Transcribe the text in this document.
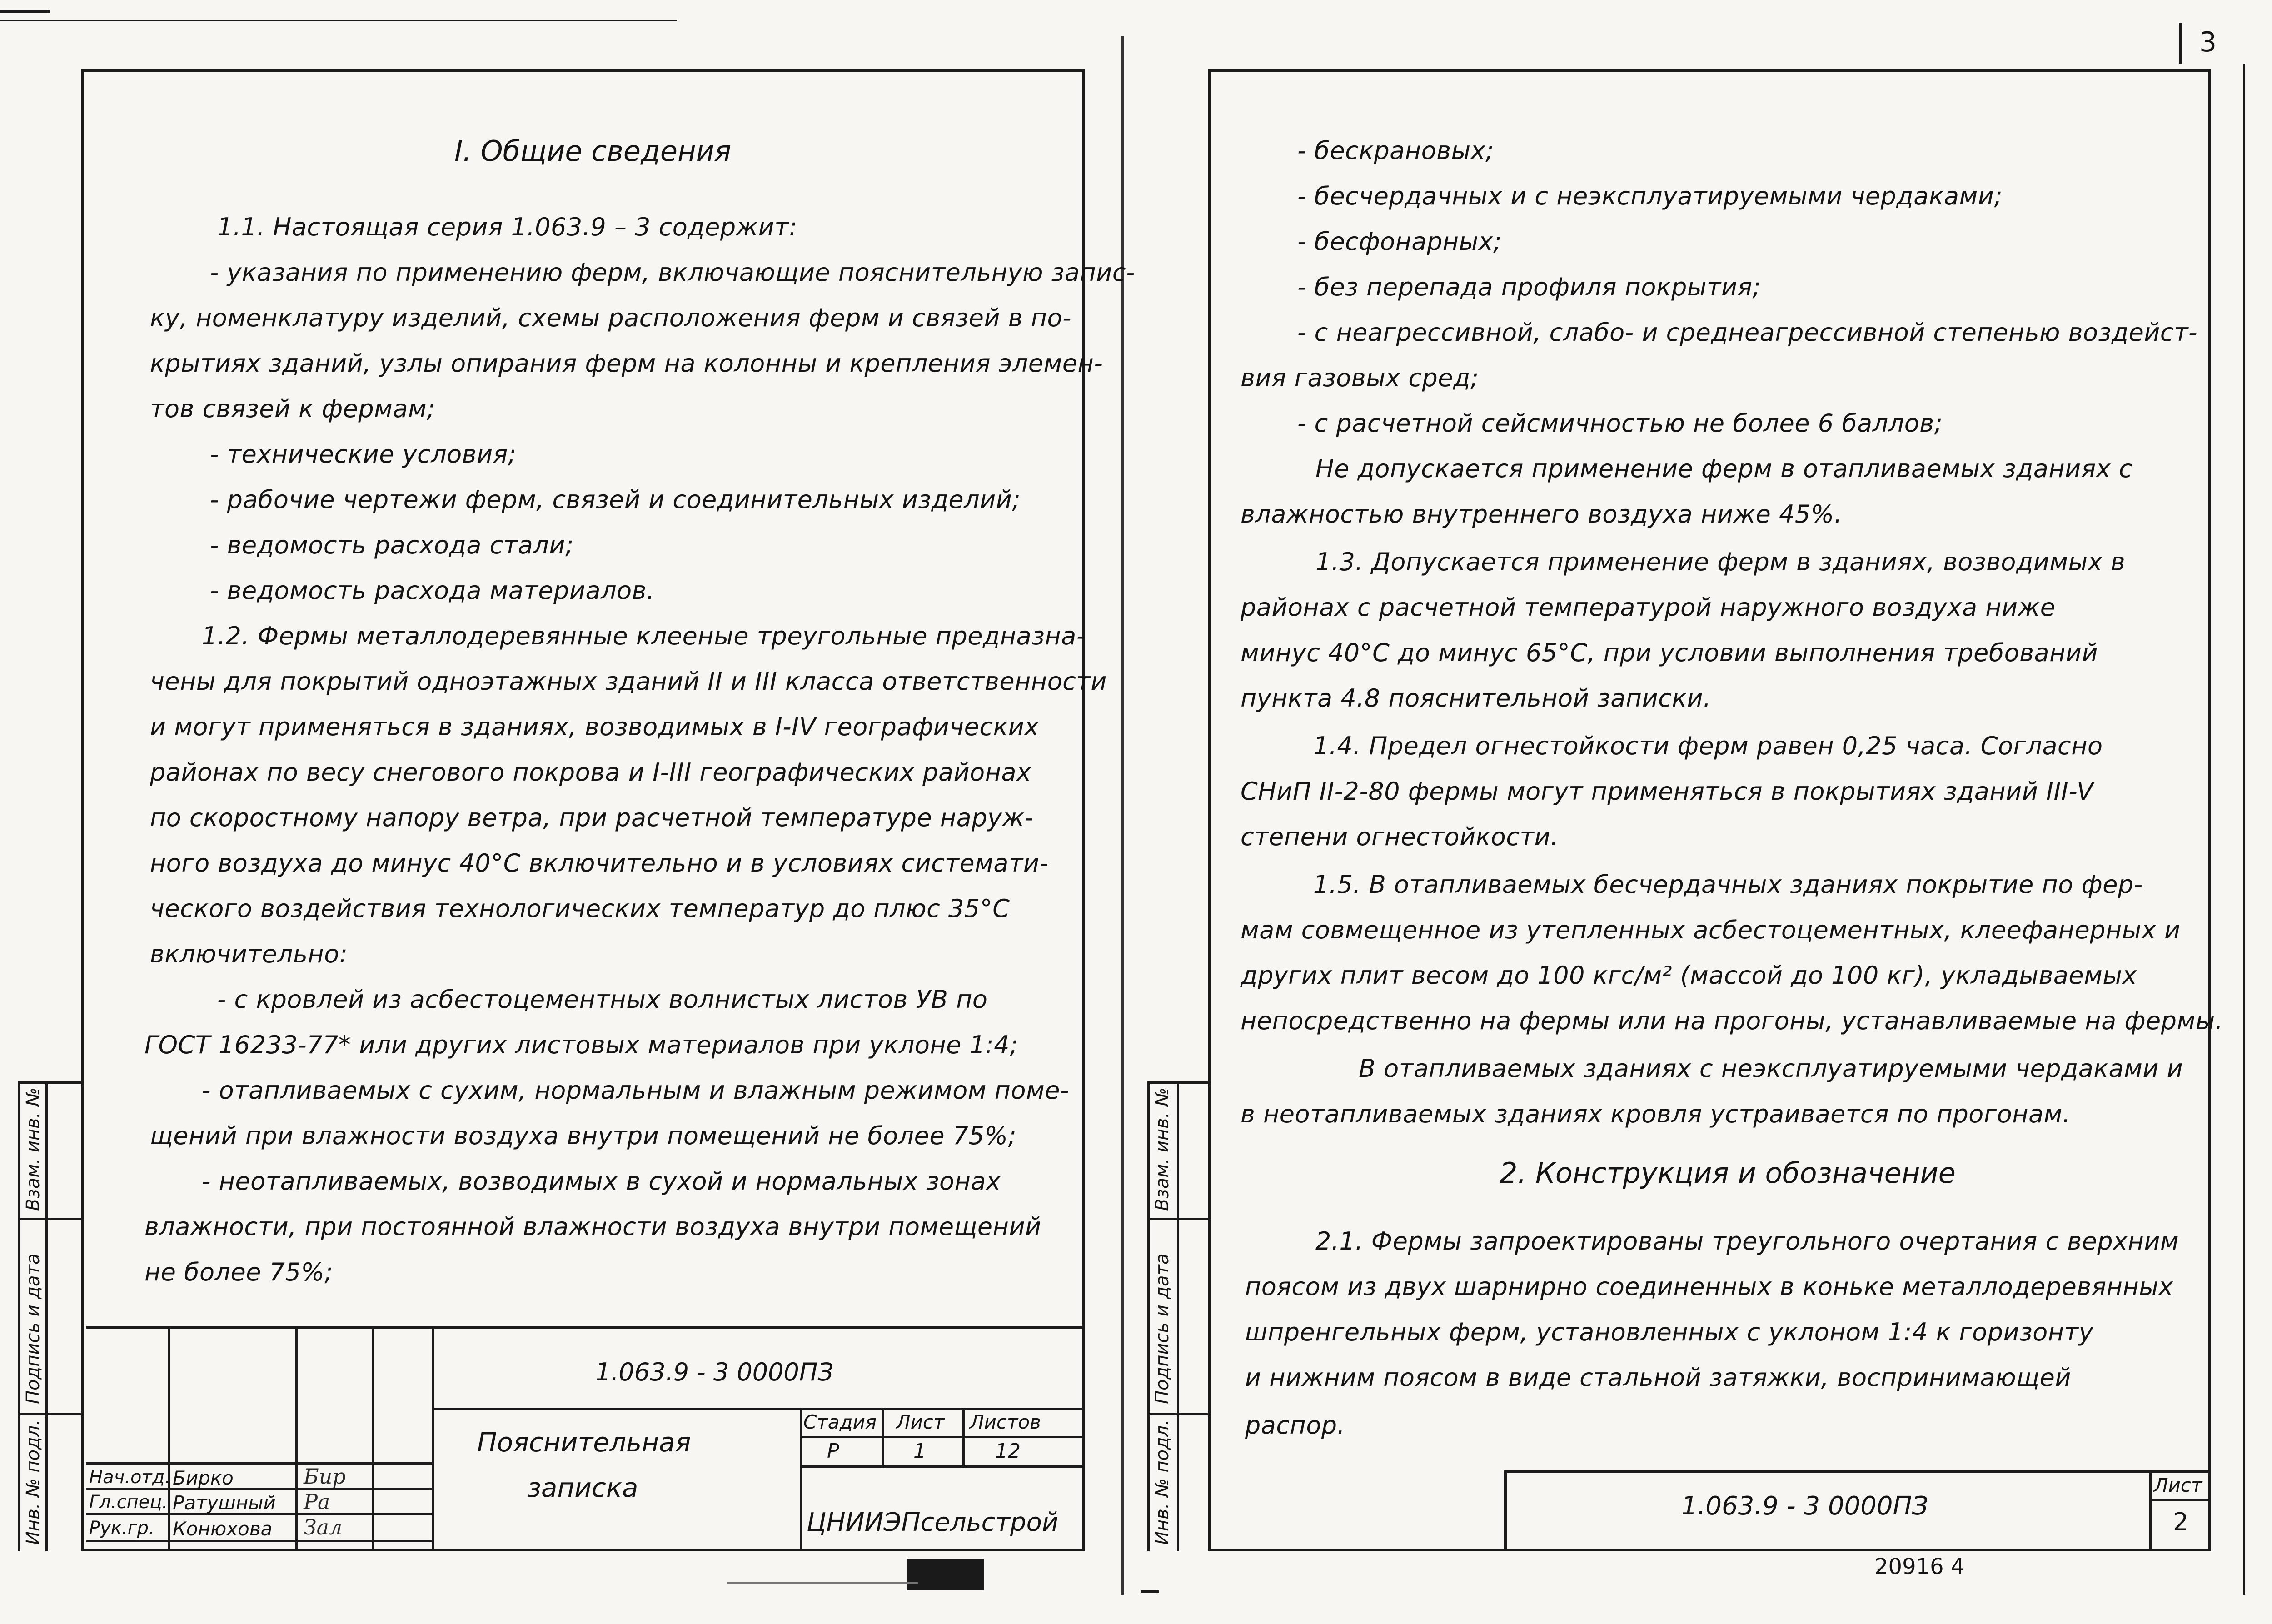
3
I. Общие сведения
1.1. Настоящая серия 1.063.9 – 3 содержит:
- указания по применению ферм, включающие пояснительную запис-
ку, номенклатуру изделий, схемы расположения ферм и связей в по-
крытиях зданий, узлы опирания ферм на колонны и крепления элемен-
тов связей к фермам;
- технические условия;
- рабочие чертежи ферм, связей и соединительных изделий;
- ведомость расхода стали;
- ведомость расхода материалов.
1.2. Фермы металлодеревянные клееные треугольные предназна-
чены для покрытий одноэтажных зданий II и III класса ответственности
и могут применяться в зданиях, возводимых в I-IV географических
районах по весу снегового покрова и I-III географических районах
по скоростному напору ветра, при расчетной температуре наруж-
ного воздуха до минус 40°С включительно и в условиях системати-
ческого воздействия технологических температур до плюс 35°С
включительно:
- с кровлей из асбестоцементных волнистых листов УВ по
ГОСТ 16233-77* или других листовых материалов при уклоне 1:4;
- отапливаемых с сухим, нормальным и влажным режимом поме-
щений при влажности воздуха внутри помещений не более 75%;
- неотапливаемых, возводимых в сухой и нормальных зонах
влажности, при постоянной влажности воздуха внутри помещений
не более 75%;
1.063.9 - 3 0000ПЗ
Пояснительная
записка
Стадия Лист Листов
Р	1	12
ЦНИИЭПсельстрой
Нач.отд.
Гл.спец.
Рук.гр.
Бирко
Ратушный
Конюхова
Бир
Ра
Зал
Инв. № подл.
Подпись и дата
Взам. инв. №
- бескрановых;
- бесчердачных и с неэксплуатируемыми чердаками;
- бесфонарных;
- без перепада профиля покрытия;
- с неагрессивной, слабо- и среднеагрессивной степенью воздейст-
вия газовых сред;
- с расчетной сейсмичностью не более 6 баллов;
Не допускается применение ферм в отапливаемых зданиях с
влажностью внутреннего воздуха ниже 45%.
1.3. Допускается применение ферм в зданиях, возводимых в
районах с расчетной температурой наружного воздуха ниже
минус 40°С до минус 65°С, при условии выполнения требований
пункта 4.8 пояснительной записки.
1.4. Предел огнестойкости ферм равен 0,25 часа. Согласно
СНиП II-2-80 фермы могут применяться в покрытиях зданий III-V
степени огнестойкости.
1.5. В отапливаемых бесчердачных зданиях покрытие по фер-
мам совмещенное из утепленных асбестоцементных, клеефанерных и
других плит весом до 100 кгс/м² (массой до 100 кг), укладываемых
непосредственно на фермы или на прогоны, устанавливаемые на фермы.
В отапливаемых зданиях с неэксплуатируемыми чердаками и
в неотапливаемых зданиях кровля устраивается по прогонам.
2. Конструкция и обозначение
2.1. Фермы запроектированы треугольного очертания с верхним
поясом из двух шарнирно соединенных в коньке металлодеревянных
шпренгельных ферм, установленных с уклоном 1:4 к горизонту
и нижним поясом в виде стальной затяжки, воспринимающей
распор.
1.063.9 - 3 0000ПЗ
Лист
2
20916 4
Инв. № подл.
Подпись и дата
Взам. инв. №
